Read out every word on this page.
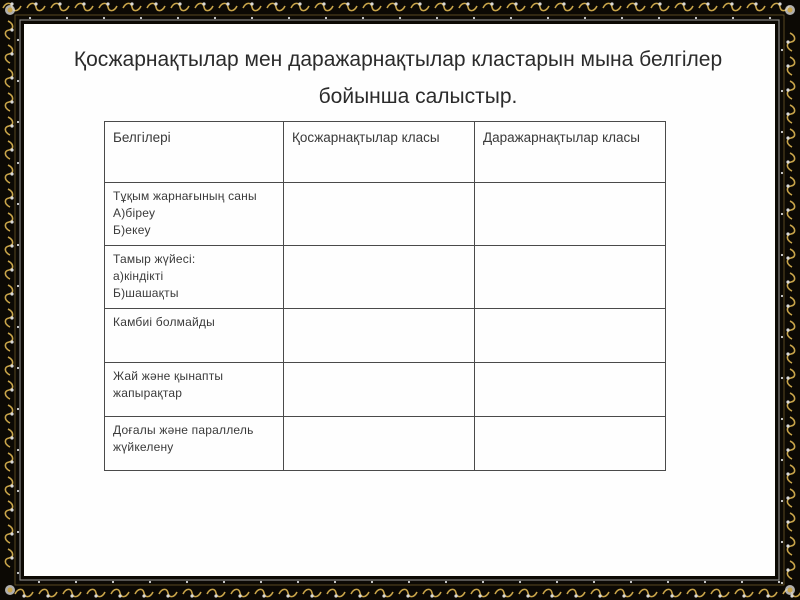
Қосжарнақтылар мен даражарнақтылар кластарын мына белгілер
бойынша салыстыр.
Белгілері	Қосжарнақтылар класы	Даражарнақтылар класы

Тұқым жарнағының саны
А)біреу
Б)екеу		

Тамыр жүйесі:
а)кіндікті
Б)шашақты		

Камбиі болмайды		

Жай және қынапты
жапырақтар		

Доғалы және параллель
жүйкелену		
